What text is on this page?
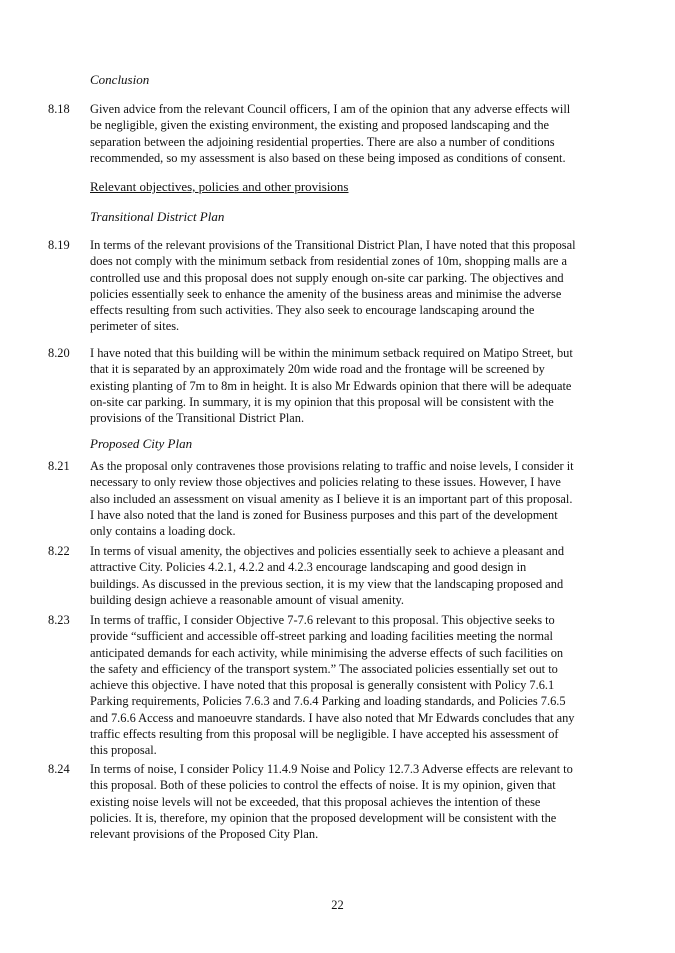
Conclusion
8.18	Given advice from the relevant Council officers, I am of the opinion that any adverse effects will

be negligible, given the existing environment, the existing and proposed landscaping and the

separation between the adjoining residential properties. There are also a number of conditions

recommended, so my assessment is also based on these being imposed as conditions of consent.

Relevant objectives, policies and other provisions
Transitional District Plan
8.19	In terms of the relevant provisions of the Transitional District Plan, I have noted that this proposal

does not comply with the minimum setback from residential zones of 10m, shopping malls are a

controlled use and this proposal does not supply enough on-site car parking. The objectives and

policies essentially seek to enhance the amenity of the business areas and minimise the adverse

effects resulting from such activities. They also seek to encourage landscaping around the

perimeter of sites.

8.20	I have noted that this building will be within the minimum setback required on Matipo Street, but

that it is separated by an approximately 20m wide road and the frontage will be screened by

existing planting of 7m to 8m in height. It is also Mr Edwards opinion that there will be adequate

on-site car parking. In summary, it is my opinion that this proposal will be consistent with the

provisions of the Transitional District Plan.

Proposed City Plan
8.21	As the proposal only contravenes those provisions relating to traffic and noise levels, I consider it

necessary to only review those objectives and policies relating to these issues. However, I have

also included an assessment on visual amenity as I believe it is an important part of this proposal.

I have also noted that the land is zoned for Business purposes and this part of the development

only contains a loading dock.

8.22	In terms of visual amenity, the objectives and policies essentially seek to achieve a pleasant and

attractive City. Policies 4.2.1, 4.2.2 and 4.2.3 encourage landscaping and good design in

buildings. As discussed in the previous section, it is my view that the landscaping proposed and

building design achieve a reasonable amount of visual amenity.

8.23	In terms of traffic, I consider Objective 7-7.6 relevant to this proposal. This objective seeks to

provide “sufficient and accessible off-street parking and loading facilities meeting the normal

anticipated demands for each activity, while minimising the adverse effects of such facilities on

the safety and efficiency of the transport system.” The associated policies essentially set out to

achieve this objective. I have noted that this proposal is generally consistent with Policy 7.6.1

Parking requirements, Policies 7.6.3 and 7.6.4 Parking and loading standards, and Policies 7.6.5

and 7.6.6 Access and manoeuvre standards. I have also noted that Mr Edwards concludes that any

traffic effects resulting from this proposal will be negligible. I have accepted his assessment of

this proposal.

8.24	In terms of noise, I consider Policy 11.4.9 Noise and Policy 12.7.3 Adverse effects are relevant to

this proposal. Both of these policies to control the effects of noise. It is my opinion, given that

existing noise levels will not be exceeded, that this proposal achieves the intention of these

policies. It is, therefore, my opinion that the proposed development will be consistent with the

relevant provisions of the Proposed City Plan.

22
